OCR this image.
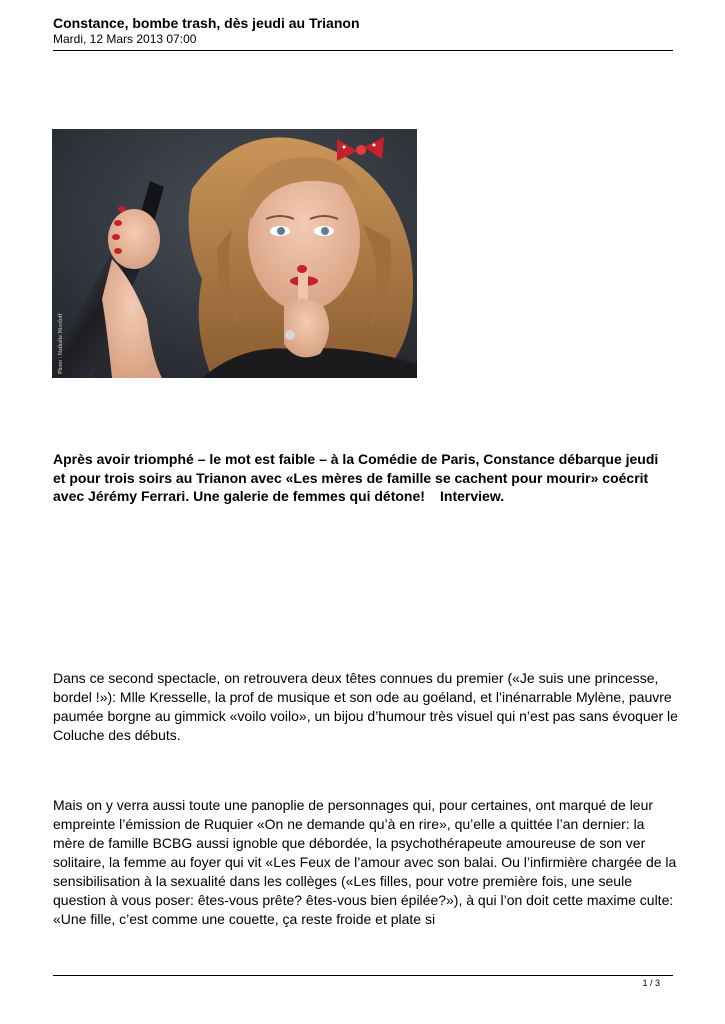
Constance, bombe trash, dès jeudi au Trianon

Mardi, 12 Mars 2013 07:00

Photo : Nathalie Nicoloff

Après avoir triomphé – le mot est faible – à la Comédie de Paris, Constance débarque jeudi et pour trois soirs au Trianon avec «Les mères de famille se cachent pour mourir» coécrit avec Jérémy Ferrari. Une galerie de femmes qui détone! Interview.

Dans ce second spectacle, on retrouvera deux têtes connues du premier («Je suis une princesse, bordel !»): Mlle Kresselle, la prof de musique et son ode au goéland, et l’inénarrable Mylène, pauvre paumée borgne au gimmick «voilo voilo», un bijou d’humour très visuel qui n’est pas sans évoquer le Coluche des débuts. 

Mais on y verra aussi toute une panoplie de personnages qui, pour certaines, ont marqué de leur empreinte l’émission de Ruquier «On ne demande qu’à en rire», qu’elle a quittée l’an dernier: la mère de famille BCBG aussi ignoble que débordée, la psychothérapeute amoureuse de son ver solitaire, la femme au foyer qui vit «Les Feux de l’amour avec son balai. Ou l’infirmière chargée de la sensibilisation à la sexualité dans les collèges («Les filles, pour votre première fois, une seule question à vous poser: êtes-vous prête? êtes-vous bien épilée?»), à qui l’on doit cette maxime culte: «Une fille, c’est comme une couette, ça reste froide et plate si

1 / 3
